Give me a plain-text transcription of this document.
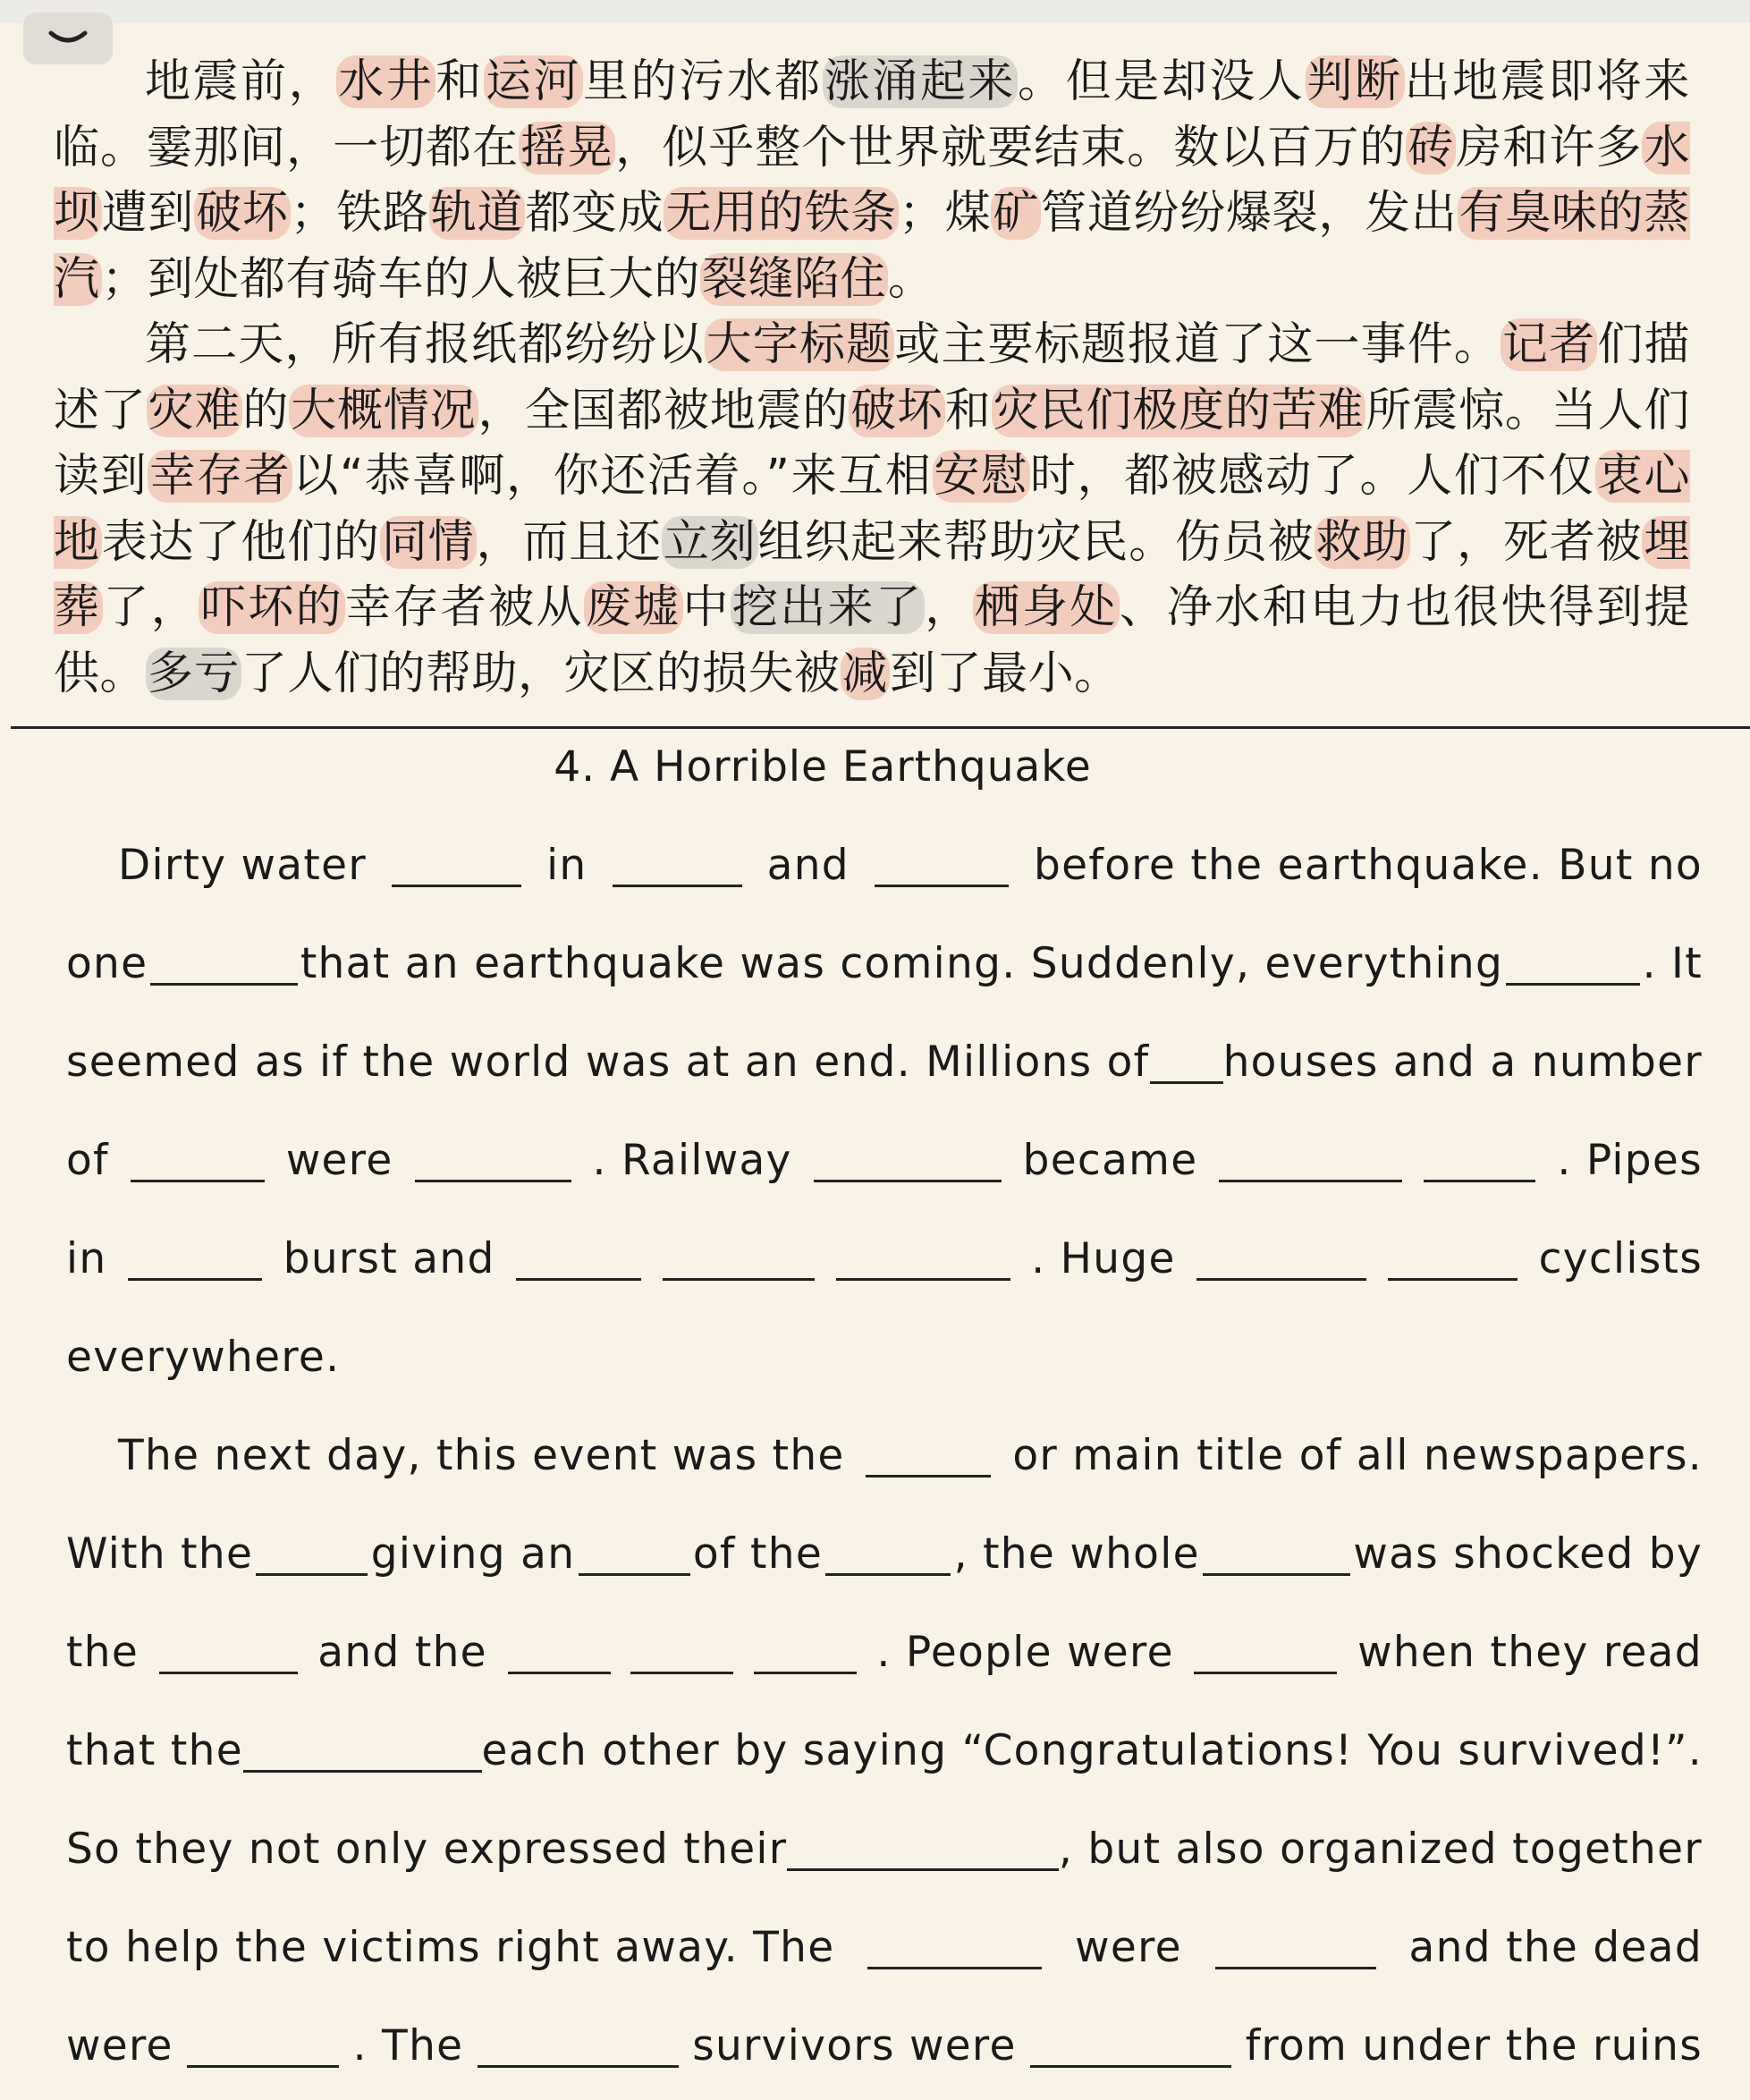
地震前，水井和运河里的污水都涨涌起来。但是却没人判断出地震即将来临。霎那间，一切都在摇晃，似乎整个世界就要结束。数以百万的砖房和许多水坝遭到破坏；铁路轨道都变成无用的铁条；煤矿管道纷纷爆裂，发出有臭味的蒸汽；到处都有骑车的人被巨大的裂缝陷住。

第二天，所有报纸都纷纷以大字标题或主要标题报道了这一事件。记者们描述了灾难的大概情况，全国都被地震的破坏和灾民们极度的苦难所震惊。当人们读到幸存者以“恭喜啊，你还活着。”来互相安慰时，都被感动了。人们不仅衷心地表达了他们的同情，而且还立刻组织起来帮助灾民。伤员被救助了，死者被埋葬了，吓坏的幸存者被从废墟中挖出来了，栖身处、净水和电力也很快得到提供。多亏了人们的帮助，灾区的损失被减到了最小。

4. A Horrible Earthquake
Dirty water	in	and	before the earthquake. But no
one	that an earthquake was coming. Suddenly, everything	. It
seemed as if the world was at an end. Millions of houses and a number
of	were	. Railway	became	. Pipes
in	burst and	. Huge	cyclists
everywhere.
The next day, this event was the	or main title of all newspapers.
With the	giving an	of the	, the whole	was shocked by
the	and the	. People were	when they read
that the	each other by saying “Congratulations! You survived!”.
So they not only expressed their	, but also organized together
to help the victims right away. The	were	and the dead
were	. The	survivors were	from under the ruins
